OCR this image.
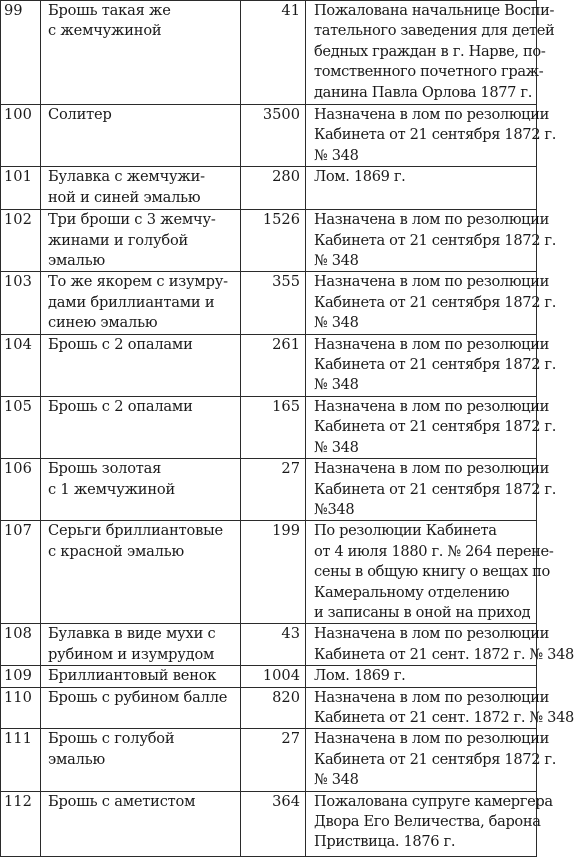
99	Брошь такая же
с жемчужиной	41	Пожалована начальнице Воспи-
тательного заведения для детей
бедных граждан в г. Нарве, по-
томственного почетного граж-
данина Павла Орлова 1877 г.

100	Солитер	3500	Назначена в лом по резолюции
Кабинета от 21 сентября 1872 г.
№ 348

101	Булавка с жемчужи-
ной и синей эмалью	280	Лом. 1869 г.

102	Три броши с 3 жемчу-
жинами и голубой
эмалью	1526	Назначена в лом по резолюции
Кабинета от 21 сентября 1872 г.
№ 348

103	То же якорем с изумру-
дами бриллиантами и
синею эмалью	355	Назначена в лом по резолюции
Кабинета от 21 сентября 1872 г.
№ 348

104	Брошь с 2 опалами	261	Назначена в лом по резолюции
Кабинета от 21 сентября 1872 г.
№ 348

105	Брошь с 2 опалами	165	Назначена в лом по резолюции
Кабинета от 21 сентября 1872 г.
№ 348

106	Брошь золотая
с 1 жемчужиной	27	Назначена в лом по резолюции
Кабинета от 21 сентября 1872 г.
№348

107	Серьги бриллиантовые
с красной эмалью	199	По резолюции Кабинета
от 4 июля 1880 г. № 264 перене-
сены в общую книгу о вещах по
Камеральному отделению
и записаны в оной на приход

108	Булавка в виде мухи с
рубином и изумрудом	43	Назначена в лом по резолюции
Кабинета от 21 сент. 1872 г. № 348

109	Бриллиантовый венок	1004	Лом. 1869 г.

110	Брошь с рубином балле	820	Назначена в лом по резолюции
Кабинета от 21 сент. 1872 г. № 348

111	Брошь с голубой
эмалью	27	Назначена в лом по резолюции
Кабинета от 21 сентября 1872 г.
№ 348

112	Брошь с аметистом	364	Пожалована супруге камергера
Двора Его Величества, барона
Приствица. 1876 г.
